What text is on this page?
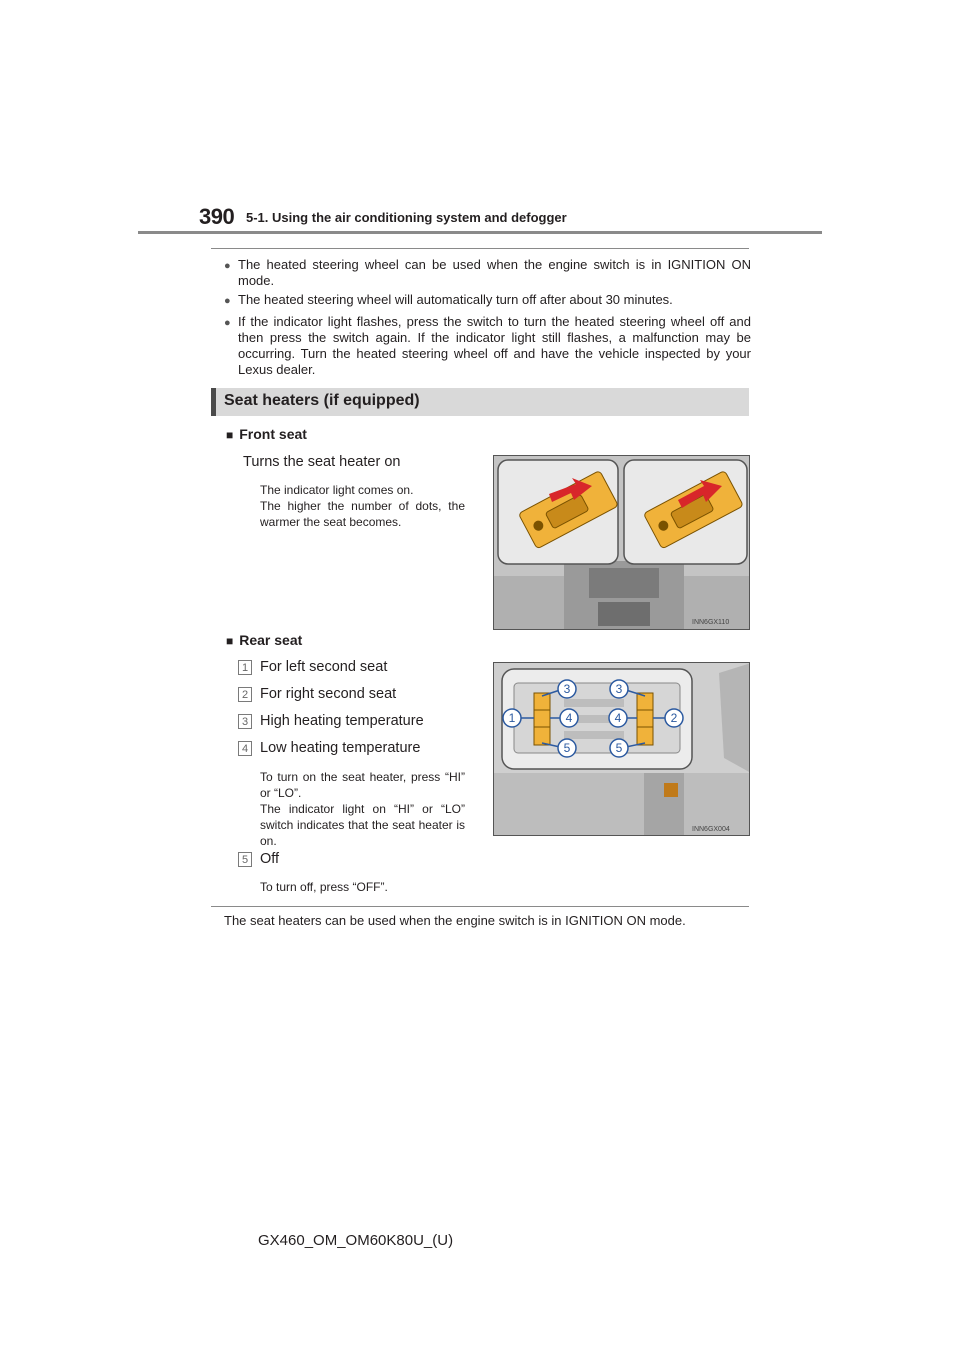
390 5-1. Using the air conditioning system and defogger
● The heated steering wheel can be used when the engine switch is in IGNITION ON mode.
● The heated steering wheel will automatically turn off after about 30 minutes.
● If the indicator light flashes, press the switch to turn the heated steering wheel off and then press the switch again. If the indicator light still flashes, a malfunction may be occurring. Turn the heated steering wheel off and have the vehicle inspected by your Lexus dealer.
Seat heaters (if equipped)
■ Front seat
Turns the seat heater on
The indicator light comes on.
The higher the number of dots, the warmer the seat becomes.
INN6GX110
■ Rear seat
1 For left second seat
2 For right second seat
3 High heating temperature
4 Low heating temperature
To turn on the seat heater, press “HI” or “LO”.
The indicator light on “HI” or “LO” switch indicates that the seat heater is on.
5 Off
To turn off, press “OFF”.
1	2
3	3
4	4
5	5
INN6GX004
The seat heaters can be used when the engine switch is in IGNITION ON mode.
GX460_OM_OM60K80U_(U)
